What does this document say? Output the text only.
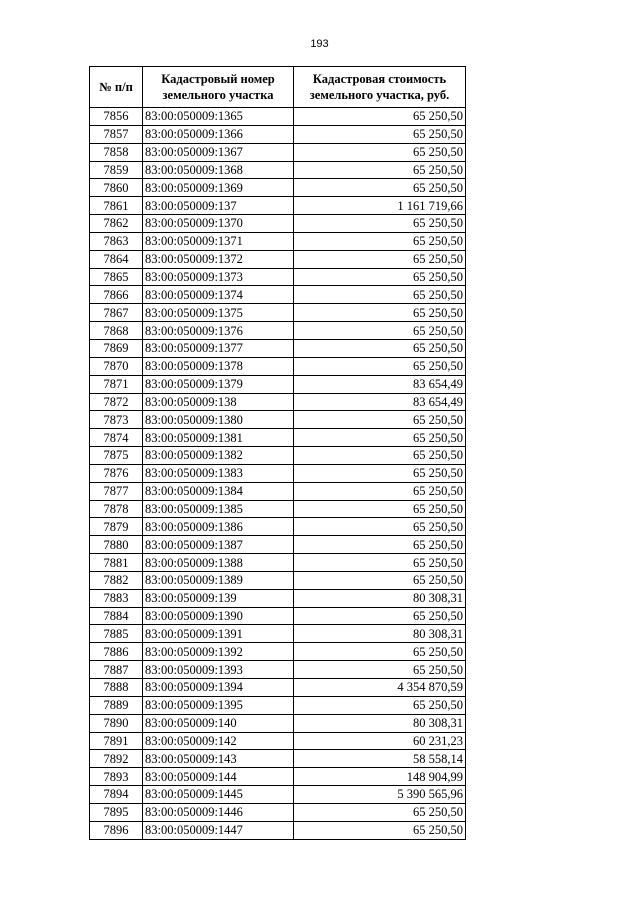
193
№ п/п	Кадастровый номер земельного участка	Кадастровая стоимость земельного участка, руб.
7856	83:00:050009:1365	65 250,50
7857	83:00:050009:1366	65 250,50
7858	83:00:050009:1367	65 250,50
7859	83:00:050009:1368	65 250,50
7860	83:00:050009:1369	65 250,50
7861	83:00:050009:137	1 161 719,66
7862	83:00:050009:1370	65 250,50
7863	83:00:050009:1371	65 250,50
7864	83:00:050009:1372	65 250,50
7865	83:00:050009:1373	65 250,50
7866	83:00:050009:1374	65 250,50
7867	83:00:050009:1375	65 250,50
7868	83:00:050009:1376	65 250,50
7869	83:00:050009:1377	65 250,50
7870	83:00:050009:1378	65 250,50
7871	83:00:050009:1379	83 654,49
7872	83:00:050009:138	83 654,49
7873	83:00:050009:1380	65 250,50
7874	83:00:050009:1381	65 250,50
7875	83:00:050009:1382	65 250,50
7876	83:00:050009:1383	65 250,50
7877	83:00:050009:1384	65 250,50
7878	83:00:050009:1385	65 250,50
7879	83:00:050009:1386	65 250,50
7880	83:00:050009:1387	65 250,50
7881	83:00:050009:1388	65 250,50
7882	83:00:050009:1389	65 250,50
7883	83:00:050009:139	80 308,31
7884	83:00:050009:1390	65 250,50
7885	83:00:050009:1391	80 308,31
7886	83:00:050009:1392	65 250,50
7887	83:00:050009:1393	65 250,50
7888	83:00:050009:1394	4 354 870,59
7889	83:00:050009:1395	65 250,50
7890	83:00:050009:140	80 308,31
7891	83:00:050009:142	60 231,23
7892	83:00:050009:143	58 558,14
7893	83:00:050009:144	148 904,99
7894	83:00:050009:1445	5 390 565,96
7895	83:00:050009:1446	65 250,50
7896	83:00:050009:1447	65 250,50
